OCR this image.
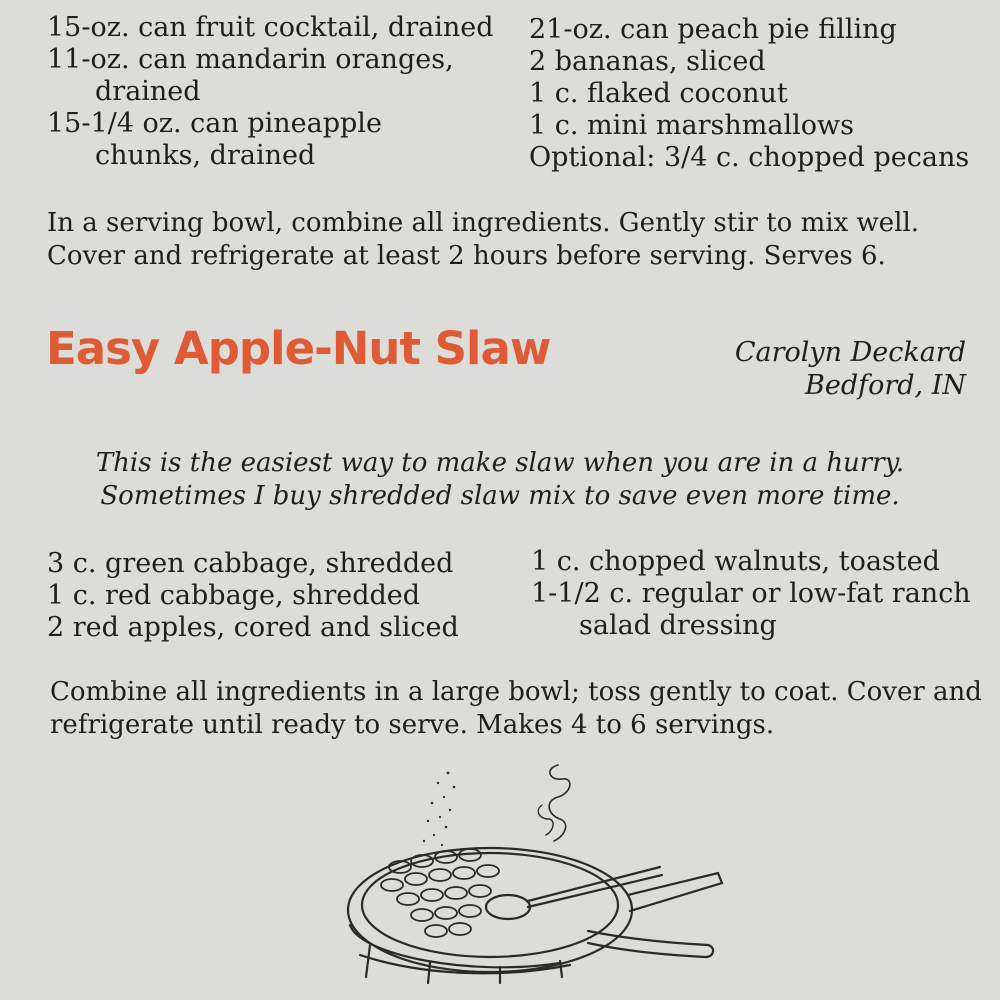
15-oz. can fruit cocktail, drained
11-oz. can mandarin oranges,
drained
15-1/4 oz. can pineapple
chunks, drained
21-oz. can peach pie filling
2 bananas, sliced
1 c. flaked coconut
1 c. mini marshmallows
Optional: 3/4 c. chopped pecans
In a serving bowl, combine all ingredients. Gently stir to mix well.
Cover and refrigerate at least 2 hours before serving. Serves 6.
Easy Apple-Nut Slaw	Carolyn Deckard
Bedford, IN
This is the easiest way to make slaw when you are in a hurry.
Sometimes I buy shredded slaw mix to save even more time.
3 c. green cabbage, shredded
1 c. red cabbage, shredded
2 red apples, cored and sliced
1 c. chopped walnuts, toasted
1-1/2 c. regular or low-fat ranch
salad dressing
Combine all ingredients in a large bowl; toss gently to coat. Cover and
refrigerate until ready to serve. Makes 4 to 6 servings.
